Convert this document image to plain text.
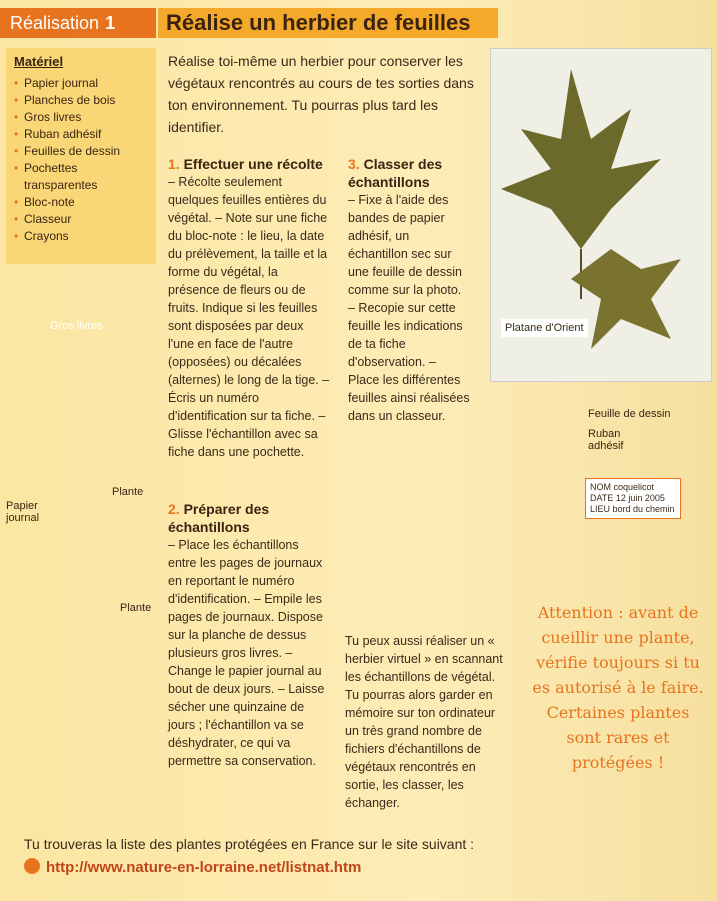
Réalisation 1	Réalise un herbier de feuilles
Matériel
• Papier journal
• Planches de bois
• Gros livres
• Ruban adhésif
• Feuilles de dessin
• Pochettes transparentes
• Bloc-note
• Classeur
• Crayons
Réalise toi-même un herbier pour conserver les végétaux rencontrés au cours de tes sorties dans ton environnement. Tu pourras plus tard les identifier.
1. Effectuer une récolte

– Récolte seulement quelques feuilles entières du végétal. – Note sur une fiche du bloc-note : le lieu, la date du prélèvement, la taille et la forme du végétal, la présence de fleurs ou de fruits. Indique si les feuilles sont disposées par deux l'une en face de l'autre (opposées) ou décalées (alternes) le long de la tige. – Écris un numéro d'identification sur ta fiche. – Glisse l'échantillon avec sa fiche dans une pochette.

3. Classer des échantillons

– Fixe à l'aide des bandes de papier adhésif, un échantillon sec sur une feuille de dessin comme sur la photo. – Recopie sur cette feuille les indications de ta fiche d'observation. – Place les différentes feuilles ainsi réalisées dans un classeur.

2. Préparer des échantillons

– Place les échantillons entre les pages de journaux en reportant le numéro d'identification. – Empile les pages de journaux. Dispose sur la planche de dessus plusieurs gros livres. – Change le papier journal au bout de deux jours. – Laisse sécher une quinzaine de jours ; l'échantillon va se déshydrater, ce qui va permettre sa conservation.

Tu peux aussi réaliser un « herbier virtuel » en scannant les échantillons de végétal. Tu pourras alors garder en mémoire sur ton ordinateur un très grand nombre de fichiers d'échantillons de végétaux rencontrés en sortie, les classer, les échanger.
Platane d'Orient
Gros livres
Plante
Papier journal
Plante
Feuille de dessin
Ruban adhésif
NOM coquelicot
DATE 12 juin 2005
LIEU bord du chemin
Attention : avant de cueillir une plante, vérifie toujours si tu es autorisé à le faire. Certaines plantes sont rares et protégées !
Tu trouveras la liste des plantes protégées en France sur le site suivant :
http://www.nature-en-lorraine.net/listnat.htm
